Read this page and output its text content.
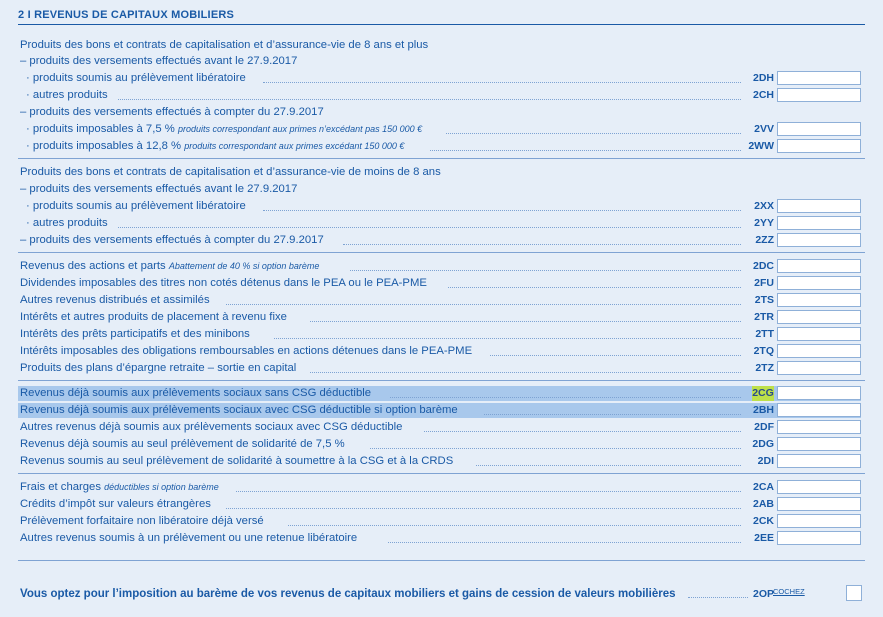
2 I REVENUS DE CAPITAUX MOBILIERS
Produits des bons et contrats de capitalisation et d’assurance-vie de 8 ans et plus
– produits des versements effectués avant le 27.9.2017
· produits soumis au prélèvement libératoire	2DH
· autres produits	2CH
– produits des versements effectués à compter du 27.9.2017
· produits imposables à 7,5 % produits correspondant aux primes n’excédant pas 150 000 €	2VV
· produits imposables à 12,8 % produits correspondant aux primes excédant 150 000 €	2WW
Produits des bons et contrats de capitalisation et d’assurance-vie de moins de 8 ans
– produits des versements effectués avant le 27.9.2017
· produits soumis au prélèvement libératoire	2XX
· autres produits	2YY
– produits des versements effectués à compter du 27.9.2017	2ZZ
Revenus des actions et parts Abattement de 40 % si option barème	2DC
Dividendes imposables des titres non cotés détenus dans le PEA ou le PEA-PME	2FU
Autres revenus distribués et assimilés	2TS
Intérêts et autres produits de placement à revenu fixe	2TR
Intérêts des prêts participatifs et des minibons	2TT
Intérêts imposables des obligations remboursables en actions détenues dans le PEA-PME	2TQ
Produits des plans d’épargne retraite – sortie en capital	2TZ
Revenus déjà soumis aux prélèvements sociaux sans CSG déductible	2CG
Revenus déjà soumis aux prélèvements sociaux avec CSG déductible si option barème	2BH
Autres revenus déjà soumis aux prélèvements sociaux avec CSG déductible	2DF
Revenus déjà soumis au seul prélèvement de solidarité de 7,5 %	2DG
Revenus soumis au seul prélèvement de solidarité à soumettre à la CSG et à la CRDS	2DI
Frais et charges déductibles si option barème	2CA
Crédits d’impôt sur valeurs étrangères	2AB
Prélèvement forfaitaire non libératoire déjà versé	2CK
Autres revenus soumis à un prélèvement ou une retenue libératoire	2EE
Vous optez pour l’imposition au barème de vos revenus de capitaux mobiliers et gains de cession de valeurs mobilières	2OP COCHEZ
